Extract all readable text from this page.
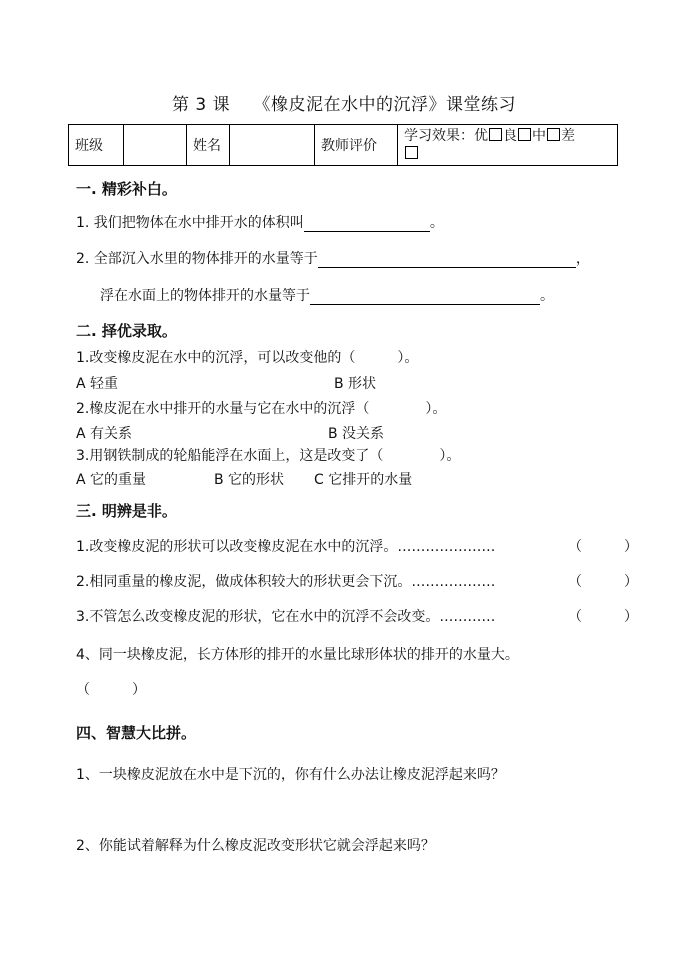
第 3 课　 《橡皮泥在水中的沉浮》课堂练习
班级		姓名		教师评价	学习效果：优 良 中 差

一. 精彩补白。
1. 我们把物体在水中排开水的体积叫	。
2. 全部沉入水里的物体排开的水量等于	，
浮在水面上的物体排开的水量等于	。
二. 择优录取。
1.改变橡皮泥在水中的沉浮，可以改变他的（　　　）。
A 轻重	B 形状
2.橡皮泥在水中排开的水量与它在水中的沉浮（　　　　）。
A 有关系	B 没关系
3.用钢铁制成的轮船能浮在水面上，这是改变了（　　　　）。
A 它的重量	B 它的形状 C 它排开的水量
三. 明辨是非。
1.改变橡皮泥的形状可以改变橡皮泥在水中的沉浮。…………………	（　　　）
2.相同重量的橡皮泥，做成体积较大的形状更会下沉。………………	（　　　）
3.不管怎么改变橡皮泥的形状，它在水中的沉浮不会改变。…………	（　　　）
4、同一块橡皮泥，长方体形的排开的水量比球形体状的排开的水量大。
（　　　）
四、智慧大比拼。
1、一块橡皮泥放在水中是下沉的，你有什么办法让橡皮泥浮起来吗？
2、你能试着解释为什么橡皮泥改变形状它就会浮起来吗？
